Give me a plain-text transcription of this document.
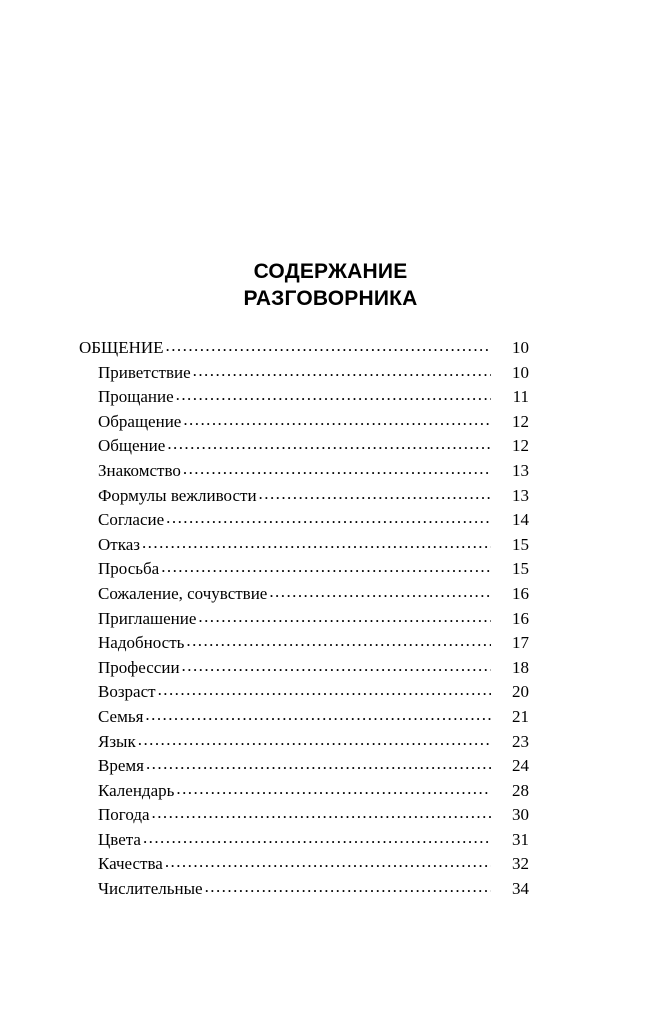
СОДЕРЖАНИЕ
РАЗГОВОРНИКА
ОБЩЕНИЕ . . .	10
Приветствие . . .	10
Прощание . . .	11
Обращение . . .	12
Общение . . .	12
Знакомство . . .	13
Формулы вежливости . . .	13
Согласие . . .	14
Отказ . . .	15
Просьба . . .	15
Сожаление, сочувствие . . .	16
Приглашение . . .	16
Надобность . . .	17
Профессии . . .	18
Возраст . . .	20
Семья . . .	21
Язык . . .	23
Время . . .	24
Календарь . . .	28
Погода . . .	30
Цвета . . .	31
Качества . . .	32
Числительные . . .	34
